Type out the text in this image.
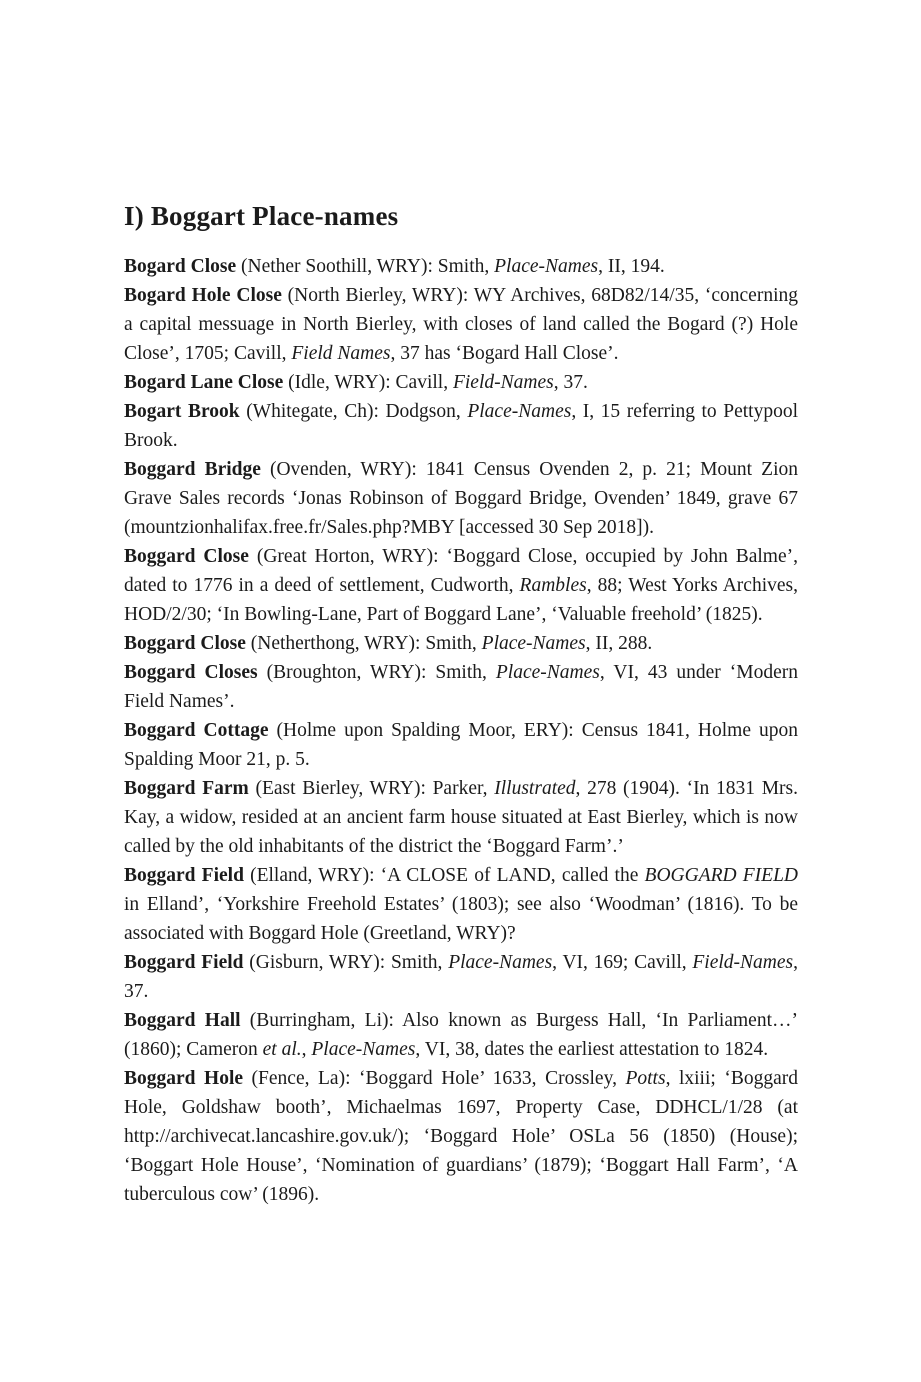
I) Boggart Place-names

Bogard Close (Nether Soothill, WRY): Smith, Place-Names, II, 194.

Bogard Hole Close (North Bierley, WRY): WY Archives, 68D82/14/35, ‘concerning a capital messuage in North Bierley, with closes of land called the Bogard (?) Hole Close’, 1705; Cavill, Field Names, 37 has ‘Bogard Hall Close’.

Bogard Lane Close (Idle, WRY): Cavill, Field-Names, 37.

Bogart Brook (Whitegate, Ch): Dodgson, Place-Names, I, 15 referring to Pettypool Brook.

Boggard Bridge (Ovenden, WRY): 1841 Census Ovenden 2, p. 21; Mount Zion Grave Sales records ‘Jonas Robinson of Boggard Bridge, Ovenden’ 1849, grave 67 (mountzionhalifax.free.fr/Sales.php?MBY [accessed 30 Sep 2018]).

Boggard Close (Great Horton, WRY): ‘Boggard Close, occupied by John Balme’, dated to 1776 in a deed of settlement, Cudworth, Rambles, 88; West Yorks Archives, HOD/2/30; ‘In Bowling-Lane, Part of Boggard Lane’, ‘Valuable freehold’ (1825).

Boggard Close (Netherthong, WRY): Smith, Place-Names, II, 288.

Boggard Closes (Broughton, WRY): Smith, Place-Names, VI, 43 under ‘Modern Field Names’.

Boggard Cottage (Holme upon Spalding Moor, ERY): Census 1841, Holme upon Spalding Moor 21, p. 5.

Boggard Farm (East Bierley, WRY): Parker, Illustrated, 278 (1904). ‘In 1831 Mrs. Kay, a widow, resided at an ancient farm house situated at East Bierley, which is now called by the old inhabitants of the district the ‘Boggard Farm’.’

Boggard Field (Elland, WRY): ‘A CLOSE of LAND, called the BOGGARD FIELD in Elland’, ‘Yorkshire Freehold Estates’ (1803); see also ‘Woodman’ (1816). To be associated with Boggard Hole (Greetland, WRY)?

Boggard Field (Gisburn, WRY): Smith, Place-Names, VI, 169; Cavill, Field-Names, 37.

Boggard Hall (Burringham, Li): Also known as Burgess Hall, ‘In Parliament…’ (1860); Cameron et al., Place-Names, VI, 38, dates the earliest attestation to 1824.

Boggard Hole (Fence, La): ‘Boggard Hole’ 1633, Crossley, Potts, lxiii; ‘Boggard Hole, Goldshaw booth’, Michaelmas 1697, Property Case, DDHCL/1/28 (at http://archivecat.lancashire.gov.uk/); ‘Boggard Hole’ OSLa 56 (1850) (House); ‘Boggart Hole House’, ‘Nomination of guardians’ (1879); ‘Boggart Hall Farm’, ‘A tuberculous cow’ (1896).
